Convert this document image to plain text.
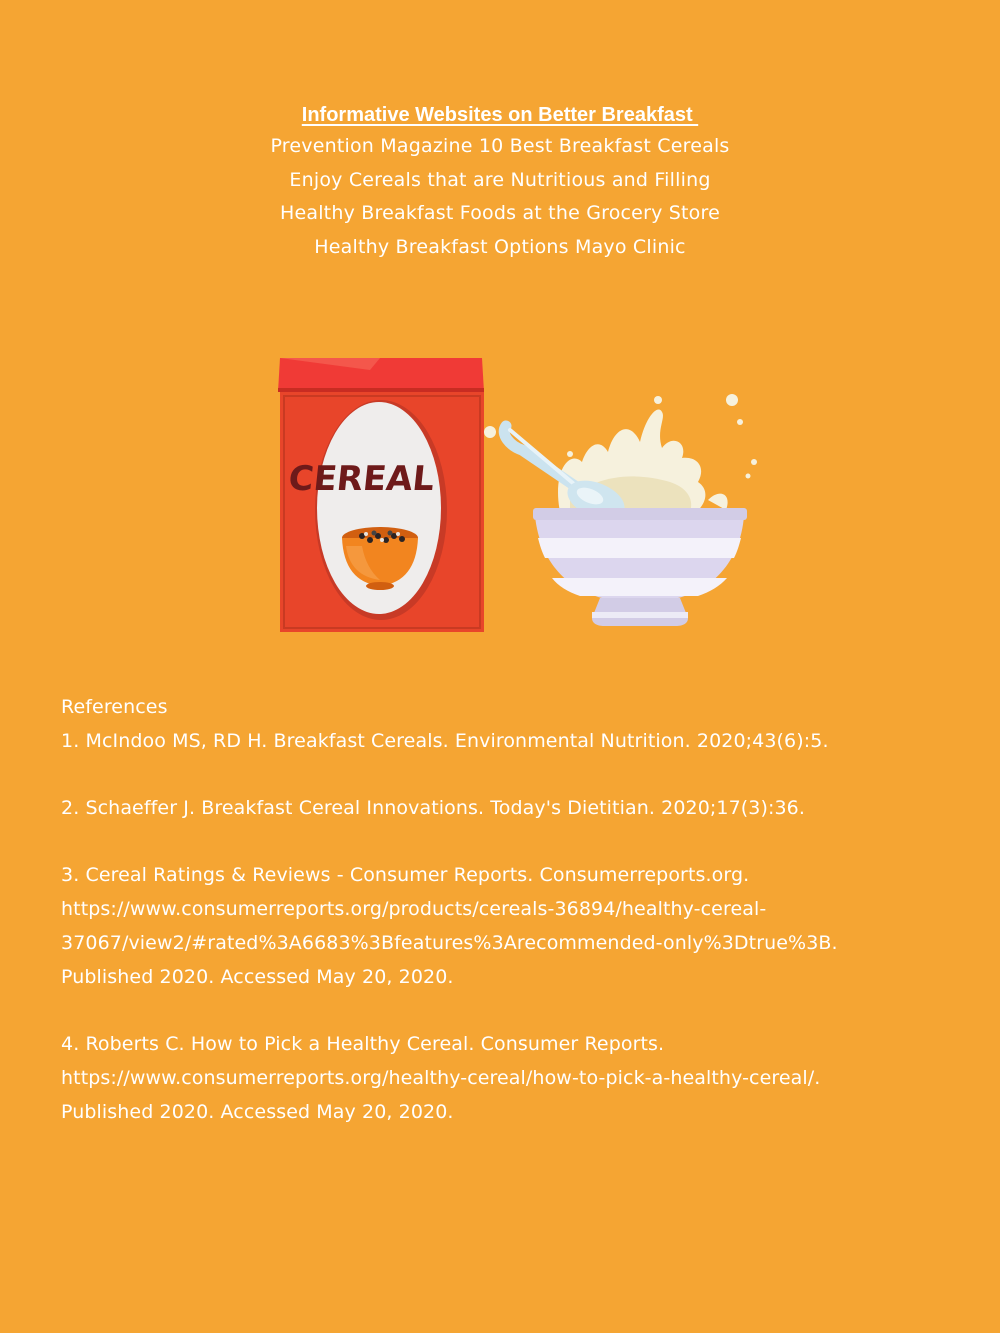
Informative Websites on Better Breakfast
Prevention Magazine 10 Best Breakfast Cereals
Enjoy Cereals that are Nutritious and Filling
Healthy Breakfast Foods at the Grocery Store
Healthy Breakfast Options Mayo Clinic
CEREAL
References

1. McIndoo MS, RD H. Breakfast Cereals. Environmental Nutrition. 2020;43(6):5.

2. Schaeffer J. Breakfast Cereal Innovations. Today's Dietitian. 2020;17(3):36.

3. Cereal Ratings & Reviews - Consumer Reports. Consumerreports.org.
https://www.consumerreports.org/products/cereals-36894/healthy-cereal-
37067/view2/#rated%3A6683%3Bfeatures%3Arecommended-only%3Dtrue%3B.
Published 2020. Accessed May 20, 2020.

4. Roberts C. How to Pick a Healthy Cereal. Consumer Reports.
https://www.consumerreports.org/healthy-cereal/how-to-pick-a-healthy-cereal/.
Published 2020. Accessed May 20, 2020.
